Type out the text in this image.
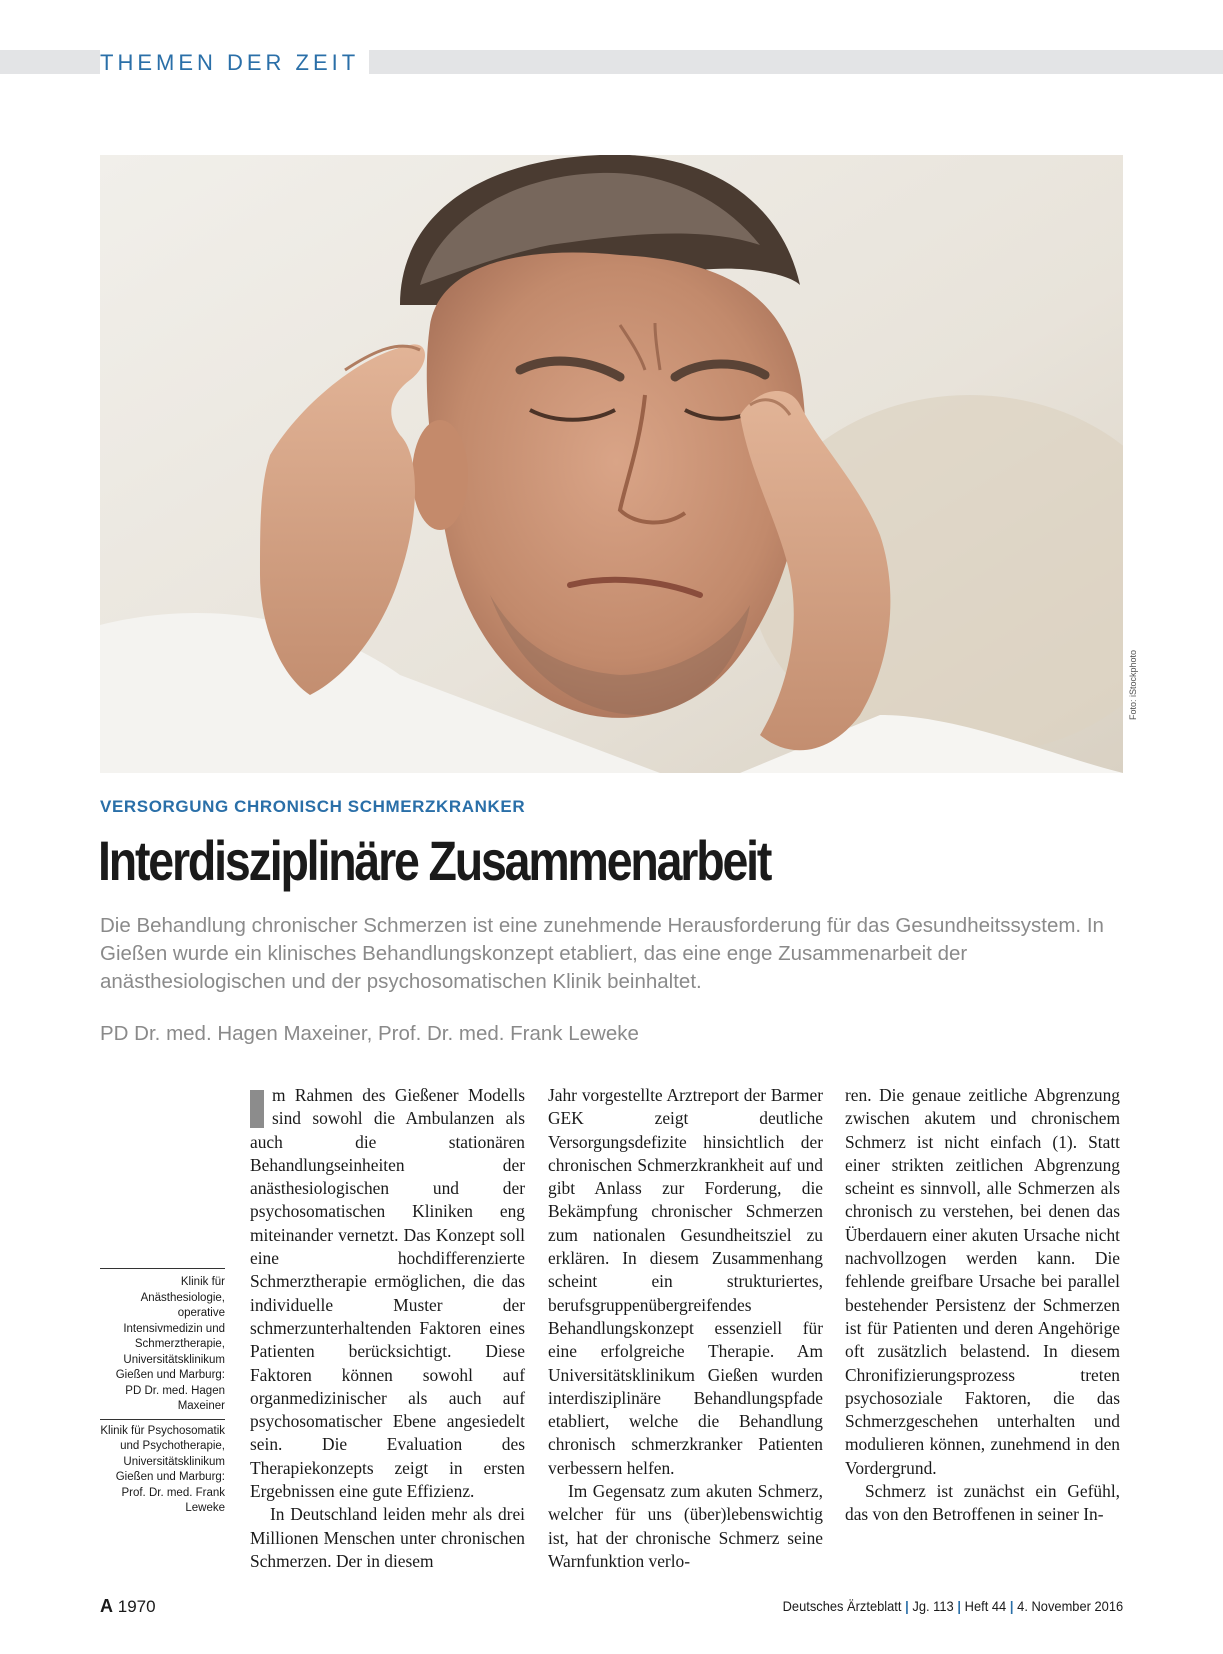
THEMEN DER ZEIT
Foto: iStockphoto
VERSORGUNG CHRONISCH SCHMERZKRANKER
Interdisziplinäre Zusammenarbeit

Die Behandlung chronischer Schmerzen ist eine zunehmende Herausforderung für das Gesundheitssystem. In Gießen wurde ein klinisches Behandlungskonzept etabliert, das eine enge Zusammenarbeit der anästhesiologischen und der psychosomatischen Klinik beinhaltet.

PD Dr. med. Hagen Maxeiner, Prof. Dr. med. Frank Leweke

Klinik für Anästhesiologie, operative Intensivmedizin und Schmerztherapie, Universitätsklinikum Gießen und Marburg: PD Dr. med. Hagen Maxeiner

Klinik für Psychosomatik und Psychotherapie, Universitätsklinikum Gießen und Marburg: Prof. Dr. med. Frank Leweke

m Rahmen des Gießener Modells sind sowohl die Ambulanzen als auch die stationären Behandlungseinheiten der anästhesiologischen und der psychosomatischen Kliniken eng miteinander vernetzt. Das Konzept soll eine hochdifferenzierte Schmerztherapie ermöglichen, die das individuelle Muster der schmerzunterhaltenden Faktoren eines Patienten berücksichtigt. Diese Faktoren können sowohl auf organmedizinischer als auch auf psychosomatischer Ebene angesiedelt sein. Die Evaluation des Therapiekonzepts zeigt in ersten Ergebnissen eine gute Effizienz.

In Deutschland leiden mehr als drei Millionen Menschen unter chronischen Schmerzen. Der in diesem

Jahr vorgestellte Arztreport der Barmer GEK zeigt deutliche Versorgungsdefizite hinsichtlich der chronischen Schmerzkrankheit auf und gibt Anlass zur Forderung, die Bekämpfung chronischer Schmerzen zum nationalen Gesundheitsziel zu erklären. In diesem Zusammenhang scheint ein strukturiertes, berufsgruppenübergreifendes Behandlungskonzept essenziell für eine erfolgreiche Therapie. Am Universitätsklinikum Gießen wurden interdisziplinäre Behandlungspfade etabliert, welche die Behandlung chronisch schmerzkranker Patienten verbessern helfen.

Im Gegensatz zum akuten Schmerz, welcher für uns (über)lebenswichtig ist, hat der chronische Schmerz seine Warnfunktion verlo-

ren. Die genaue zeitliche Abgrenzung zwischen akutem und chronischem Schmerz ist nicht einfach (1). Statt einer strikten zeitlichen Abgrenzung scheint es sinnvoll, alle Schmerzen als chronisch zu verstehen, bei denen das Überdauern einer akuten Ursache nicht nachvollzogen werden kann. Die fehlende greifbare Ursache bei parallel bestehender Persistenz der Schmerzen ist für Patienten und deren Angehörige oft zusätzlich belastend. In diesem Chronifizierungsprozess treten psychosoziale Faktoren, die das Schmerzgeschehen unterhalten und modulieren können, zunehmend in den Vordergrund.

Schmerz ist zunächst ein Gefühl, das von den Betroffenen in seiner In-

A 1970	Deutsches Ärzteblatt | Jg. 113 | Heft 44 | 4. November 2016
